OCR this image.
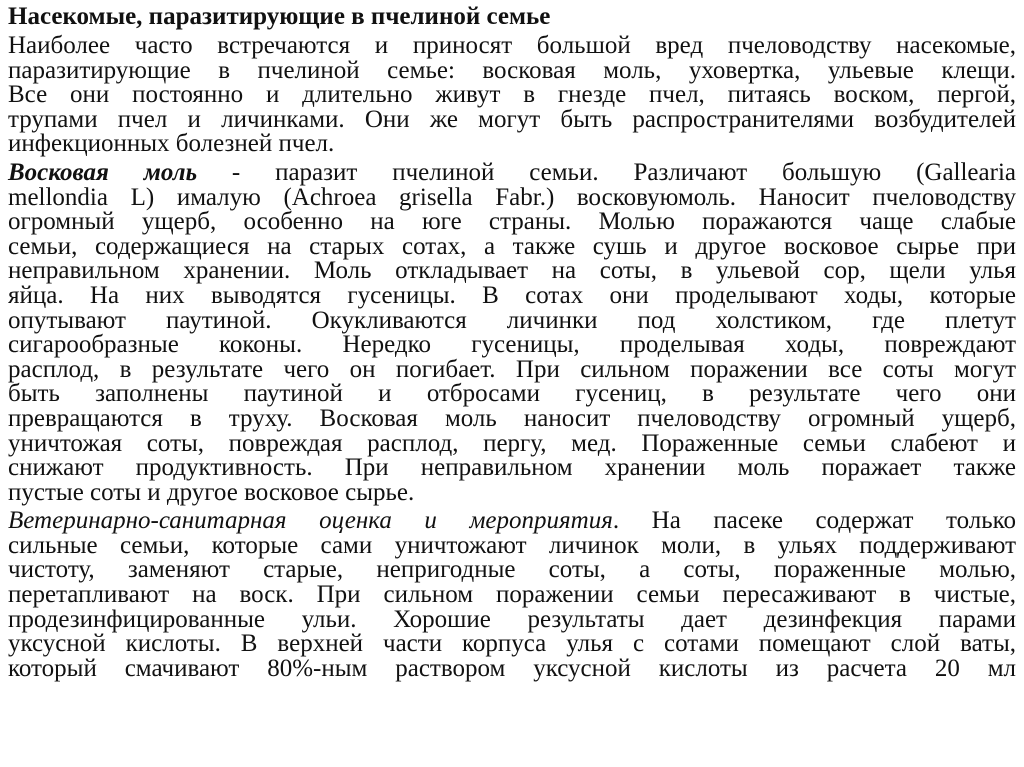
Насекомые, паразитирующие в пчелиной семье
Наиболее часто встречаются и приносят большой вред пчеловодству насекомые,
паразитирующие в пчелиной семье: восковая моль, уховертка, ульевые клещи.
Все они постоянно и длительно живут в гнезде пчел, питаясь воском, пергой,
трупами пчел и личинками. Они же могут быть распространителями возбудителей
инфекционных болезней пчел.
Восковая моль - паразит пчелиной семьи. Различают большую (Gallearia
mellondia L) ималую (Achroea grisella Fabr.) восковуюмоль. Наносит пчеловодству
огромный ущерб, особенно на юге страны. Молью поражаются чаще слабые
семьи, содержащиеся на старых сотах, а также сушь и другое восковое сырье при
неправильном хранении. Моль откладывает на соты, в ульевой сор, щели улья
яйца. На них выводятся гусеницы. В сотах они проделывают ходы, которые
опутывают паутиной. Окукливаются личинки под холстиком, где плетут
сигарообразные коконы. Нередко гусеницы, проделывая ходы, повреждают
расплод, в результате чего он погибает. При сильном поражении все соты могут
быть заполнены паутиной и отбросами гусениц, в результате чего они
превращаются в труху. Восковая моль наносит пчеловодству огромный ущерб,
уничтожая соты, повреждая расплод, пергу, мед. Пораженные семьи слабеют и
снижают продуктивность. При неправильном хранении моль поражает также
пустые соты и другое восковое сырье.
Ветеринарно-санитарная оценка и мероприятия. На пасеке содержат только
сильные семьи, которые сами уничтожают личинок моли, в ульях поддерживают
чистоту, заменяют старые, непригодные соты, а соты, пораженные молью,
перетапливают на воск. При сильном поражении семьи пересаживают в чистые,
продезинфицированные ульи. Хорошие результаты дает дезинфекция парами
уксусной кислоты. В верхней части корпуса улья с сотами помещают слой ваты,
который смачивают 80%-ным раствором уксусной кислоты из расчета 20 мл
